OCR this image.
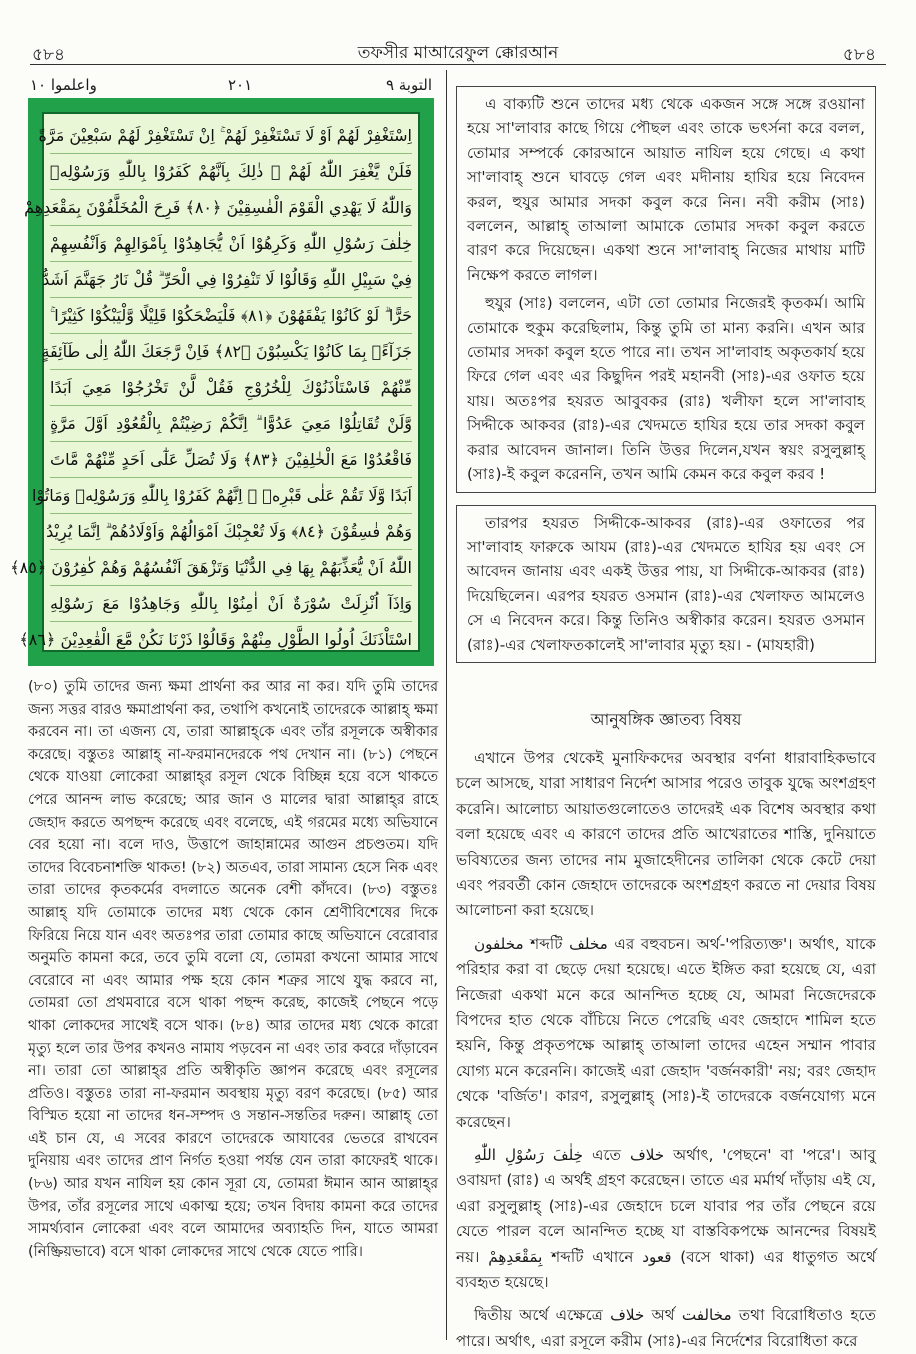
৫৮৪	তফসীর মাআরেফুল ক্কোরআন	৫৮৪
واعلموا ١٠	٢٠١	التوبة ٩
اِسْتَغْفِرْ لَهُمْ اَوْ لَا تَسْتَغْفِرْ لَهُمْ ۚ اِنْ تَسْتَغْفِرْ لَهُمْ سَبْعِيْنَ مَرَّةً
فَلَنْ يَّغْفِرَ اللّٰهُ لَهُمْ ۚ ذٰلِكَ بِاَنَّهُمْ كَفَرُوْا بِاللّٰهِ وَرَسُوْلِهٖ
وَاللّٰهُ لَا يَهْدِي الْقَوْمَ الْفٰسِقِيْنَ ﴿٨٠﴾ فَرِحَ الْمُخَلَّفُوْنَ بِمَقْعَدِهِمْ
خِلٰفَ رَسُوْلِ اللّٰهِ وَكَرِهُوْا اَنْ يُّجَاهِدُوْا بِاَمْوَالِهِمْ وَاَنْفُسِهِمْ
فِيْ سَبِيْلِ اللّٰهِ وَقَالُوْا لَا تَنْفِرُوْا فِي الْحَرِّ ۗ قُلْ نَارُ جَهَنَّمَ اَشَدُّ
حَرًّا ۗ لَوْ كَانُوْا يَفْقَهُوْنَ ﴿٨١﴾ فَلْيَضْحَكُوْا قَلِيْلًا وَّلْيَبْكُوْا كَثِيْرًا ۚ
جَزَآءًۢ بِمَا كَانُوْا يَكْسِبُوْنَ ﴿٨٢﴾ فَاِنْ رَّجَعَكَ اللّٰهُ اِلٰى طَآئِفَةٍ
مِّنْهُمْ فَاسْتَاْذَنُوْكَ لِلْخُرُوْجِ فَقُلْ لَّنْ تَخْرُجُوْا مَعِيَ اَبَدًا
وَّلَنْ تُقَاتِلُوْا مَعِيَ عَدُوًّا ۗ اِنَّكُمْ رَضِيْتُمْ بِالْقُعُوْدِ اَوَّلَ مَرَّةٍ
فَاقْعُدُوْا مَعَ الْخٰلِفِيْنَ ﴿٨٣﴾ وَلَا تُصَلِّ عَلٰٓى اَحَدٍ مِّنْهُمْ مَّاتَ
اَبَدًا وَّلَا تَقُمْ عَلٰى قَبْرِهٖ ۗ اِنَّهُمْ كَفَرُوْا بِاللّٰهِ وَرَسُوْلِهٖ وَمَاتُوْا
وَهُمْ فٰسِقُوْنَ ﴿٨٤﴾ وَلَا تُعْجِبْكَ اَمْوَالُهُمْ وَاَوْلَادُهُمْ ۗ اِنَّمَا يُرِيْدُ
اللّٰهُ اَنْ يُّعَذِّبَهُمْ بِهَا فِي الدُّنْيَا وَتَزْهَقَ اَنْفُسُهُمْ وَهُمْ كٰفِرُوْنَ ﴿٨٥﴾
وَاِذَآ اُنْزِلَتْ سُوْرَةٌ اَنْ اٰمِنُوْا بِاللّٰهِ وَجَاهِدُوْا مَعَ رَسُوْلِهِ
اسْتَاْذَنَكَ اُولُوا الطَّوْلِ مِنْهُمْ وَقَالُوْا ذَرْنَا نَكُنْ مَّعَ الْقٰعِدِيْنَ ﴿٨٦﴾
(৮০) তুমি তাদের জন্য ক্ষমা প্রার্থনা কর আর না কর। যদি তুমি তাদের জন্য সত্তর বারও ক্ষমাপ্রার্থনা কর, তথাপি কখনোই তাদেরকে আল্লাহ্ ক্ষমা করবেন না। তা এজন্য যে, তারা আল্লাহ্‌কে এবং তাঁর রসূলকে অস্বীকার করেছে। বস্তুতঃ আল্লাহ্ না-ফরমানদেরকে পথ দেখান না। (৮১) পেছনে থেকে যাওয়া লোকেরা আল্লাহ্‌র রসূল থেকে বিচ্ছিন্ন হয়ে বসে থাকতে পেরে আনন্দ লাভ করেছে; আর জান ও মালের দ্বারা আল্লাহ্‌র রাহে জেহাদ করতে অপছন্দ করেছে এবং বলেছে, এই গরমের মধ্যে অভিযানে বের হয়ো না। বলে দাও, উত্তাপে জাহান্নামের আগুন প্রচণ্ডতম। যদি তাদের বিবেচনাশক্তি থাকত! (৮২) অতএব, তারা সামান্য হেসে নিক এবং তারা তাদের কৃতকর্মের বদলাতে অনেক বেশী কাঁদবে। (৮৩) বস্তুতঃ আল্লাহ্ যদি তোমাকে তাদের মধ্য থেকে কোন শ্রেণীবিশেষের দিকে ফিরিয়ে নিয়ে যান এবং অতঃপর তারা তোমার কাছে অভিযানে বেরোবার অনুমতি কামনা করে, তবে তুমি বলো যে, তোমরা কখনো আমার সাথে বেরোবে না এবং আমার পক্ষ হয়ে কোন শত্রুর সাথে যুদ্ধ করবে না, তোমরা তো প্রথমবারে বসে থাকা পছন্দ করেছ, কাজেই পেছনে পড়ে থাকা লোকদের সাথেই বসে থাক। (৮৪) আর তাদের মধ্য থেকে কারো মৃত্যু হলে তার উপর কখনও নামায পড়বেন না এবং তার কবরে দাঁড়াবেন না। তারা তো আল্লাহ্‌র প্রতি অস্বীকৃতি জ্ঞাপন করেছে এবং রসূলের প্রতিও। বস্তুতঃ তারা না-ফরমান অবস্থায় মৃত্যু বরণ করেছে। (৮৫) আর বিস্মিত হয়ো না তাদের ধন-সম্পদ ও সন্তান-সন্ততির দরুন। আল্লাহ্ তো এই চান যে, এ সবের কারণে তাদেরকে আযাবের ভেতরে রাখবেন দুনিয়ায় এবং তাদের প্রাণ নির্গত হওয়া পর্যন্ত যেন তারা কাফেরই থাকে। (৮৬) আর যখন নাযিল হয় কোন সূরা যে, তোমরা ঈমান আন আল্লাহ্‌র উপর, তাঁর রসূলের সাথে একাত্ম হয়ে; তখন বিদায় কামনা করে তাদের সামর্থ্যবান লোকেরা এবং বলে আমাদের অব্যাহতি দিন, যাতে আমরা (নিষ্ক্রিয়ভাবে) বসে থাকা লোকদের সাথে থেকে যেতে পারি।

এ বাক্যটি শুনে তাদের মধ্য থেকে একজন সঙ্গে সঙ্গে রওয়ানা হয়ে সা'লাবার কাছে গিয়ে পৌছল এবং তাকে ভৎর্সনা করে বলল, তোমার সম্পর্কে কোরআনে আয়াত নাযিল হয়ে গেছে। এ কথা সা'লাবাহ্ শুনে ঘাবড়ে গেল এবং মদীনায় হাযির হয়ে নিবেদন করল, হুযুর আমার সদকা কবুল করে নিন। নবী করীম (সাঃ) বললেন, আল্লাহ্ তাআলা আমাকে তোমার সদকা কবুল করতে বারণ করে দিয়েছেন। একথা শুনে সা'লাবাহ্ নিজের মাথায় মাটি নিক্ষেপ করতে লাগল।

হুযুর (সাঃ) বললেন, এটা তো তোমার নিজেরই কৃতকর্ম। আমি তোমাকে হুকুম করেছিলাম, কিন্তু তুমি তা মান্য করনি। এখন আর তোমার সদকা কবুল হতে পারে না। তখন সা'লাবাহ অকৃতকার্য হয়ে ফিরে গেল এবং এর কিছুদিন পরই মহানবী (সাঃ)-এর ওফাত হয়ে যায়। অতঃপর হযরত আবুবকর (রাঃ) খলীফা হলে সা'লাবাহ সিদ্দীকে আকবর (রাঃ)-এর খেদমতে হাযির হয়ে তার সদকা কবুল করার আবেদন জানাল। তিনি উত্তর দিলেন,যখন স্বয়ং রসুলুল্লাহ্ (সাঃ)-ই কবুল করেননি, তখন আমি কেমন করে কবুল করব !

তারপর হযরত সিদ্দীকে-আকবর (রাঃ)-এর ওফাতের পর সা'লাবাহ ফারুকে আযম (রাঃ)-এর খেদমতে হাযির হয় এবং সে আবেদন জানায় এবং একই উত্তর পায়, যা সিদ্দীকে-আকবর (রাঃ) দিয়েছিলেন। এরপর হযরত ওসমান (রাঃ)-এর খেলাফত আমলেও সে এ নিবেদন করে। কিন্তু তিনিও অস্বীকার করেন। হযরত ওসমান (রাঃ)-এর খেলাফতকালেই সা'লাবার মৃত্যু হয়। - (মাযহারী)

আনুষঙ্গিক জ্ঞাতব্য বিষয়

এখানে উপর থেকেই মুনাফিকদের অবস্থার বর্ণনা ধারাবাহিকভাবে চলে আসছে, যারা সাধারণ নির্দেশ আসার পরেও তাবুক যুদ্ধে অংশগ্রহণ করেনি। আলোচ্য আয়াতগুলোতেও তাদেরই এক বিশেষ অবস্থার কথা বলা হয়েছে এবং এ কারণে তাদের প্রতি আখেরাতের শাস্তি, দুনিয়াতে ভবিষ্যতের জন্য তাদের নাম মুজাহেদীনের তালিকা থেকে কেটে দেয়া এবং পরবর্তী কোন জেহাদে তাদেরকে অংশগ্রহণ করতে না দেয়ার বিষয় আলোচনা করা হয়েছে।

مخلفون শব্দটি مخلف এর বহুবচন। অর্থ-'পরিত্যক্ত'। অর্থাৎ, যাকে পরিহার করা বা ছেড়ে দেয়া হয়েছে। এতে ইঙ্গিত করা হয়েছে যে, এরা নিজেরা একথা মনে করে আনন্দিত হচ্ছে যে, আমরা নিজেদেরকে বিপদের হাত থেকে বাঁচিয়ে নিতে পেরেছি এবং জেহাদে শামিল হতে হয়নি, কিন্তু প্রকৃতপক্ষে আল্লাহ্ তাআলা তাদের এহেন সম্মান পাবার যোগ্য মনে করেননি। কাজেই এরা জেহাদ 'বর্জনকারী' নয়; বরং জেহাদ থেকে 'বর্জিত'। কারণ, রসুলুল্লাহ্ (সাঃ)-ই তাদেরকে বর্জনযোগ্য মনে করেছেন।

خِلٰفَ رَسُوْلِ اللّٰهِ এতে خلاف অর্থাৎ, 'পেছনে' বা 'পরে'। আবু ওবায়দা (রাঃ) এ অর্থই গ্রহণ করেছেন। তাতে এর মর্মার্থ দাঁড়ায় এই যে, এরা রসুলুল্লাহ্ (সাঃ)-এর জেহাদে চলে যাবার পর তাঁর পেছনে রয়ে যেতে পারল বলে আনন্দিত হচ্ছে যা বাস্তবিকপক্ষে আনন্দের বিষয়ই নয়। بِمَقْعَدِهِمْ শব্দটি এখানে قعود (বসে থাকা) এর ধাতুগত অর্থে ব্যবহৃত হয়েছে।

দ্বিতীয় অর্থে এক্ষেত্রে خلاف অর্থ مخالفت তথা বিরোধিতাও হতে পারে। অর্থাৎ, এরা রসূলে করীম (সাঃ)-এর নির্দেশের বিরোধিতা করে
